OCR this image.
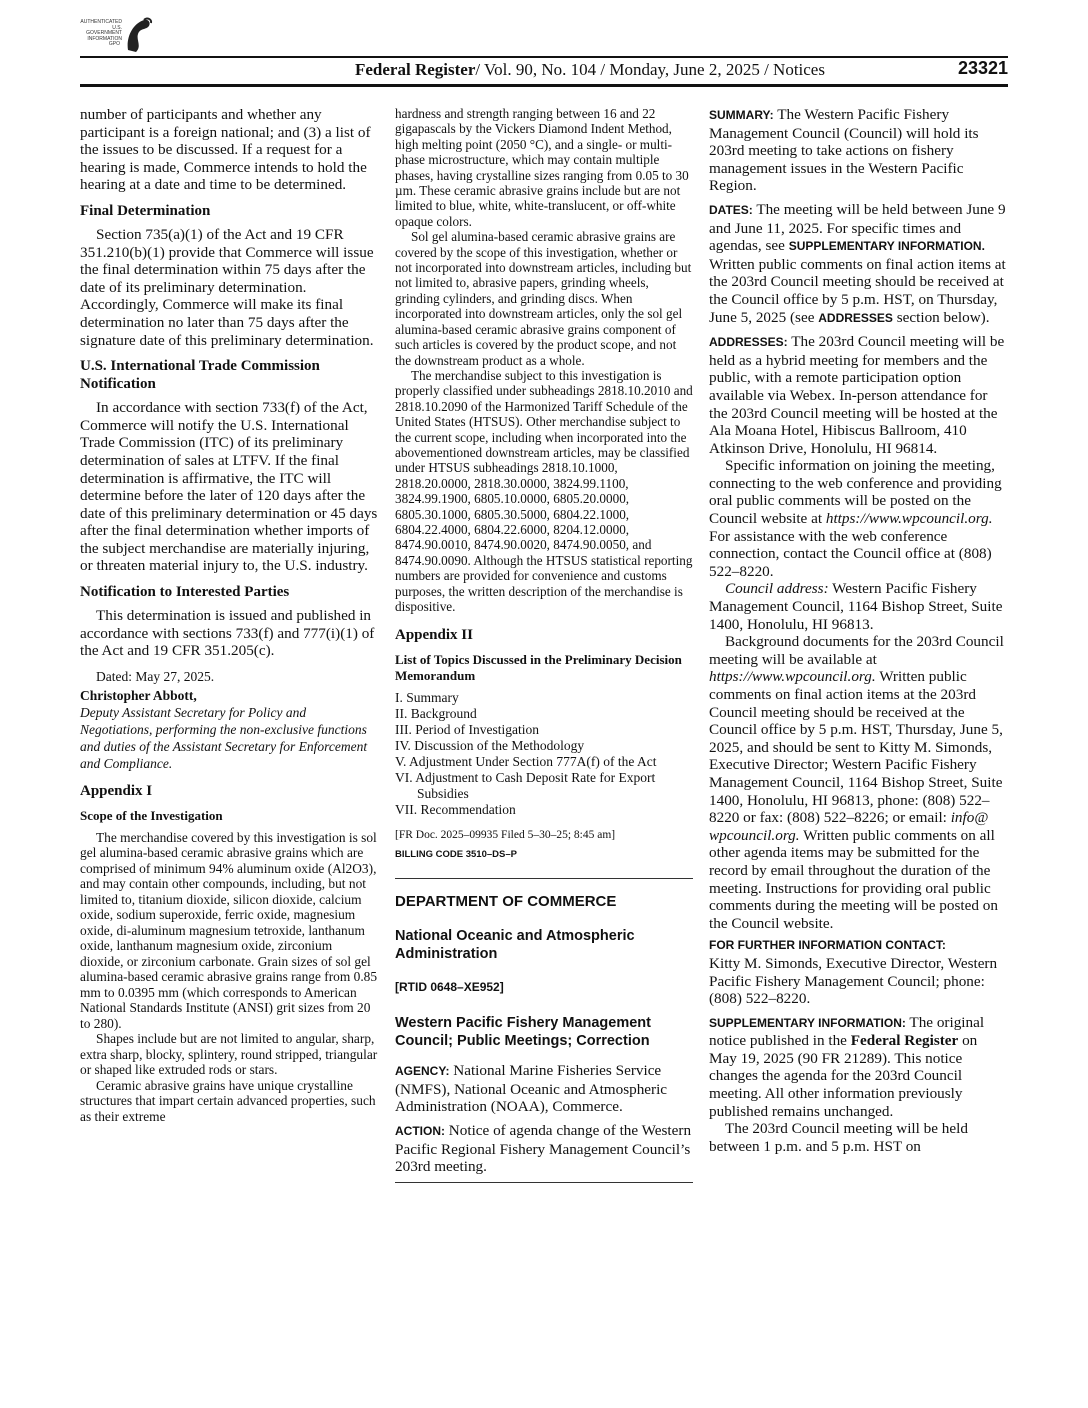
AUTHENTICATED
U.S. GOVERNMENT
INFORMATION
GPO
Federal Register/ Vol. 90, No. 104 / Monday, June 2, 2025 / Notices	23321

number of participants and whether any participant is a foreign national; and (3) a list of the issues to be discussed. If a request for a hearing is made, Commerce intends to hold the hearing at a date and time to be determined.

Final Determination

Section 735(a)(1) of the Act and 19 CFR 351.210(b)(1) provide that Commerce will issue the final determination within 75 days after the date of its preliminary determination. Accordingly, Commerce will make its final determination no later than 75 days after the signature date of this preliminary determination.

U.S. International Trade Commission Notification

In accordance with section 733(f) of the Act, Commerce will notify the U.S. International Trade Commission (ITC) of its preliminary determination of sales at LTFV. If the final determination is affirmative, the ITC will determine before the later of 120 days after the date of this preliminary determination or 45 days after the final determination whether imports of the subject merchandise are materially injuring, or threaten material injury to, the U.S. industry.

Notification to Interested Parties

This determination is issued and published in accordance with sections 733(f) and 777(i)(1) of the Act and 19 CFR 351.205(c).

Dated: May 27, 2025.
Christopher Abbott,
Deputy Assistant Secretary for Policy and Negotiations, performing the non-exclusive functions and duties of the Assistant Secretary for Enforcement and Compliance.
Appendix I
Scope of the Investigation

The merchandise covered by this investigation is sol gel alumina-based ceramic abrasive grains which are comprised of minimum 94% aluminum oxide (Al2O3), and may contain other compounds, including, but not limited to, titanium dioxide, silicon dioxide, calcium oxide, sodium superoxide, ferric oxide, magnesium oxide, di-aluminum magnesium tetroxide, lanthanum oxide, lanthanum magnesium oxide, zirconium dioxide, or zirconium carbonate. Grain sizes of sol gel alumina-based ceramic abrasive grains range from 0.85 mm to 0.0395 mm (which corresponds to American National Standards Institute (ANSI) grit sizes from 20 to 280).

Shapes include but are not limited to angular, sharp, extra sharp, blocky, splintery, round stripped, triangular or shaped like extruded rods or stars.

Ceramic abrasive grains have unique crystalline structures that impart certain advanced properties, such as their extreme

hardness and strength ranging between 16 and 22 gigapascals by the Vickers Diamond Indent Method, high melting point (2050 °C), and a single- or multi-phase microstructure, which may contain multiple phases, having crystalline sizes ranging from 0.05 to 30 µm. These ceramic abrasive grains include but are not limited to blue, white, white-translucent, or off-white opaque colors.

Sol gel alumina-based ceramic abrasive grains are covered by the scope of this investigation, whether or not incorporated into downstream articles, including but not limited to, abrasive papers, grinding wheels, grinding cylinders, and grinding discs. When incorporated into downstream articles, only the sol gel alumina-based ceramic abrasive grains component of such articles is covered by the product scope, and not the downstream product as a whole.

The merchandise subject to this investigation is properly classified under subheadings 2818.10.2010 and 2818.10.2090 of the Harmonized Tariff Schedule of the United States (HTSUS). Other merchandise subject to the current scope, including when incorporated into the abovementioned downstream articles, may be classified under HTSUS subheadings 2818.10.1000, 2818.20.0000, 2818.30.0000, 3824.99.1100, 3824.99.1900, 6805.10.0000, 6805.20.0000, 6805.30.1000, 6805.30.5000, 6804.22.1000, 6804.22.4000, 6804.22.6000, 8204.12.0000, 8474.90.0010, 8474.90.0020, 8474.90.0050, and 8474.90.0090. Although the HTSUS statistical reporting numbers are provided for convenience and customs purposes, the written description of the merchandise is dispositive.

Appendix II
List of Topics Discussed in the Preliminary Decision Memorandum
I. Summary
II. Background
III. Period of Investigation
IV. Discussion of the Methodology
V. Adjustment Under Section 777A(f) of the Act
VI. Adjustment to Cash Deposit Rate for Export Subsidies
VII. Recommendation
[FR Doc. 2025–09935 Filed 5–30–25; 8:45 am]
BILLING CODE 3510–DS–P
DEPARTMENT OF COMMERCE
National Oceanic and Atmospheric Administration
[RTID 0648–XE952]
Western Pacific Fishery Management Council; Public Meetings; Correction

AGENCY: National Marine Fisheries Service (NMFS), National Oceanic and Atmospheric Administration (NOAA), Commerce.

ACTION: Notice of agenda change of the Western Pacific Regional Fishery Management Council’s 203rd meeting.

SUMMARY: The Western Pacific Fishery Management Council (Council) will hold its 203rd meeting to take actions on fishery management issues in the Western Pacific Region.

DATES: The meeting will be held between June 9 and June 11, 2025. For specific times and agendas, see SUPPLEMENTARY INFORMATION. Written public comments on final action items at the 203rd Council meeting should be received at the Council office by 5 p.m. HST, on Thursday, June 5, 2025 (see ADDRESSES section below).

ADDRESSES: The 203rd Council meeting will be held as a hybrid meeting for members and the public, with a remote participation option available via Webex. In-person attendance for the 203rd Council meeting will be hosted at the Ala Moana Hotel, Hibiscus Ballroom, 410 Atkinson Drive, Honolulu, HI 96814.

Specific information on joining the meeting, connecting to the web conference and providing oral public comments will be posted on the Council website at https://www.wpcouncil.org. For assistance with the web conference connection, contact the Council office at (808) 522–8220.

Council address: Western Pacific Fishery Management Council, 1164 Bishop Street, Suite 1400, Honolulu, HI 96813.

Background documents for the 203rd Council meeting will be available at https://www.wpcouncil.org. Written public comments on final action items at the 203rd Council meeting should be received at the Council office by 5 p.m. HST, Thursday, June 5, 2025, and should be sent to Kitty M. Simonds, Executive Director; Western Pacific Fishery Management Council, 1164 Bishop Street, Suite 1400, Honolulu, HI 96813, phone: (808) 522–8220 or fax: (808) 522–8226; or email: info@ wpcouncil.org. Written public comments on all other agenda items may be submitted for the record by email throughout the duration of the meeting. Instructions for providing oral public comments during the meeting will be posted on the Council website.

FOR FURTHER INFORMATION CONTACT:
Kitty M. Simonds, Executive Director, Western Pacific Fishery Management Council; phone: (808) 522–8220.

SUPPLEMENTARY INFORMATION: The original notice published in the Federal Register on May 19, 2025 (90 FR 21289). This notice changes the agenda for the 203rd Council meeting. All other information previously published remains unchanged.

The 203rd Council meeting will be held between 1 p.m. and 5 p.m. HST on
